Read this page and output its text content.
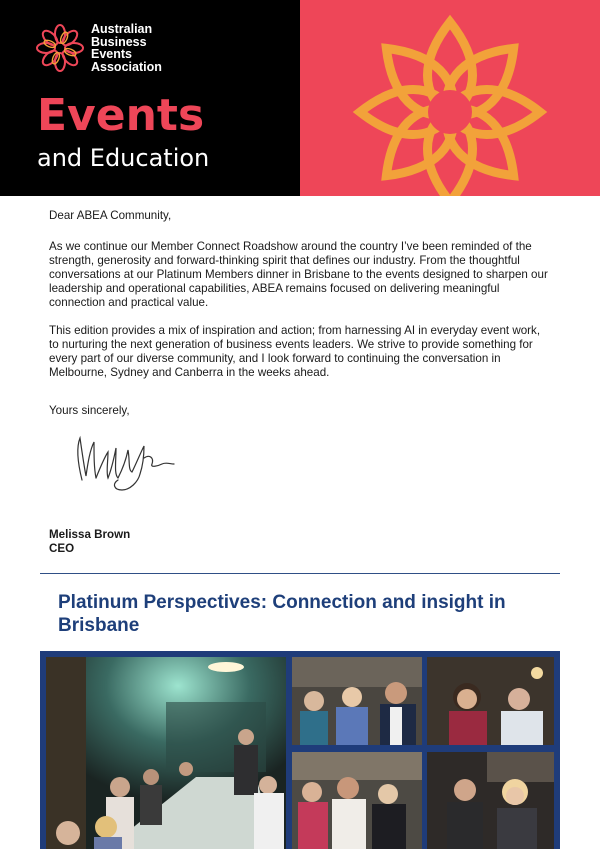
Australian
Business
Events
Association
Events
and Education

Dear ABEA Community,

As we continue our Member Connect Roadshow around the country I’ve been reminded of the strength, generosity and forward-thinking spirit that defines our industry. From the thoughtful conversations at our Platinum Members dinner in Brisbane to the events designed to sharpen our leadership and operational capabilities, ABEA remains focused on delivering meaningful connection and practical value.

This edition provides a mix of inspiration and action; from harnessing AI in everyday event work, to nurturing the next generation of business events leaders. We strive to provide something for every part of our diverse community, and I look forward to continuing the conversation in Melbourne, Sydney and Canberra in the weeks ahead.

Yours sincerely,

Melissa Brown

CEO

Platinum Perspectives: Connection and insight in Brisbane
